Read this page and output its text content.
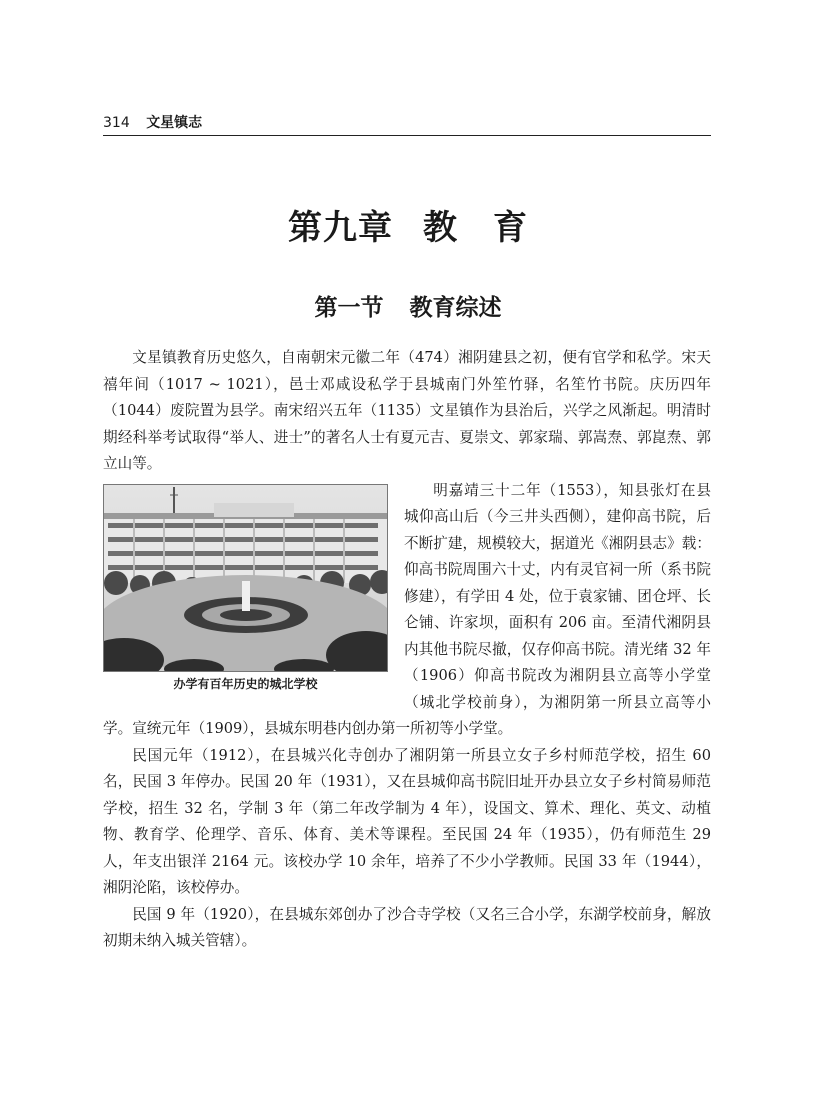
314 文星镇志
第九章 教　育
第一节 教育综述

文星镇教育历史悠久，自南朝宋元徽二年（474）湘阴建县之初，便有官学和私学。宋天禧年间（1017 ~ 1021），邑士邓咸设私学于县城南门外笙竹驿，名笙竹书院。庆历四年（1044）废院置为县学。南宋绍兴五年（1135）文星镇作为县治后，兴学之风渐起。明清时期经科举考试取得“举人、进士”的著名人士有夏元吉、夏崇文、郭家瑞、郭嵩焘、郭崑焘、郭立山等。

办学有百年历史的城北学校

明嘉靖三十二年（1553），知县张灯在县城仰高山后（今三井头西侧），建仰高书院，后不断扩建，规模较大，据道光《湘阴县志》载：仰高书院周围六十丈，内有灵官祠一所（系书院修建），有学田 4 处，位于袁家铺、团仓坪、长仑铺、许家坝，面积有 206 亩。至清代湘阴县内其他书院尽撤，仅存仰高书院。清光绪 32 年（1906）仰高书院改为湘阴县立高等小学堂（城北学校前身），为湘阴第一所县立高等小学。宣统元年（1909），县城东明巷内创办第一所初等小学堂。

民国元年（1912），在县城兴化寺创办了湘阴第一所县立女子乡村师范学校，招生 60 名，民国 3 年停办。民国 20 年（1931），又在县城仰高书院旧址开办县立女子乡村简易师范学校，招生 32 名，学制 3 年（第二年改学制为 4 年），设国文、算术、理化、英文、动植物、教育学、伦理学、音乐、体育、美术等课程。至民国 24 年（1935），仍有师范生 29 人，年支出银洋 2164 元。该校办学 10 余年，培养了不少小学教师。民国 33 年（1944），湘阴沦陷，该校停办。

民国 9 年（1920），在县城东郊创办了沙合寺学校（又名三合小学，东湖学校前身，解放初期未纳入城关管辖）。
